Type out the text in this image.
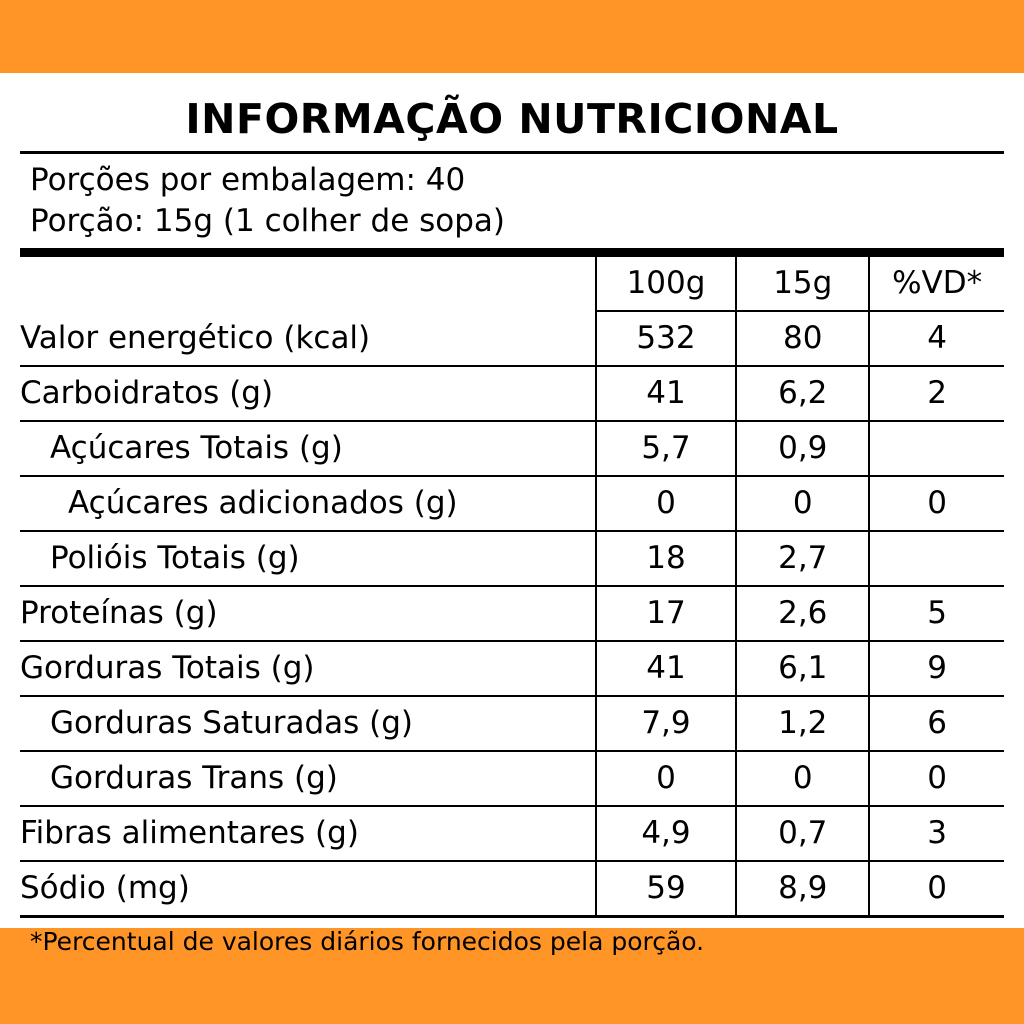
INFORMAÇÃO NUTRICIONAL
Porções por embalagem: 40
Porção: 15g (1 colher de sopa)
	100g	15g	%VD*
Valor energético (kcal)	532	80	4
Carboidratos (g)	41	6,2	2
Açúcares Totais (g)	5,7	0,9	
Açúcares adicionados (g)	0	0	0
Polióis Totais (g)	18	2,7	
Proteínas (g)	17	2,6	5
Gorduras Totais (g)	41	6,1	9
Gorduras Saturadas (g)	7,9	1,2	6
Gorduras Trans (g)	0	0	0
Fibras alimentares (g)	4,9	0,7	3
Sódio (mg)	59	8,9	0
*Percentual de valores diários fornecidos pela porção.
